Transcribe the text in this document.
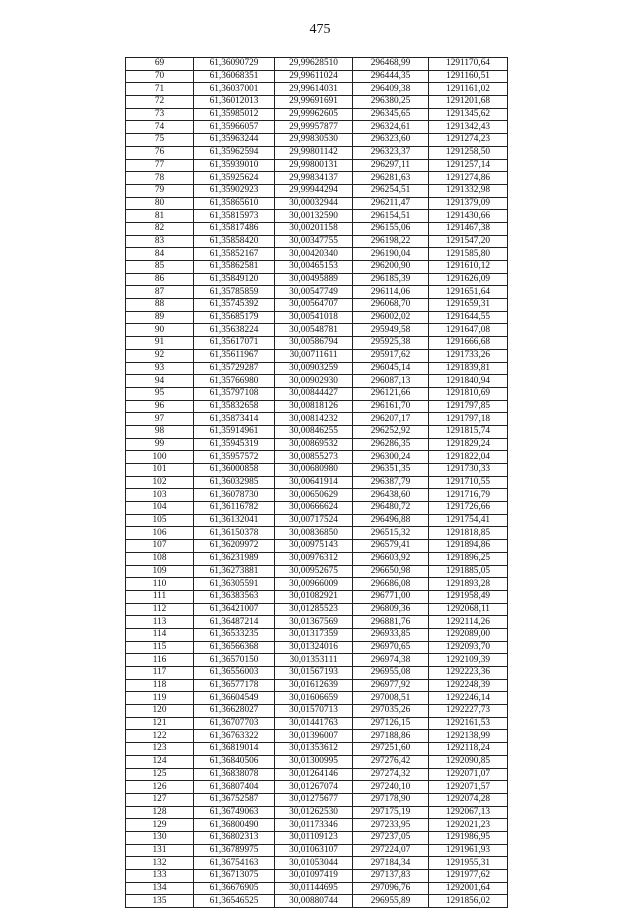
475
69	61,36090729	29,99628510	296468,99	1291170,64
70	61,36068351	29,99611024	296444,35	1291160,51
71	61,36037001	29,99614031	296409,38	1291161,02
72	61,36012013	29,99691691	296380,25	1291201,68
73	61,35985012	29,99962605	296345,65	1291345,62
74	61,35966057	29,99957877	296324,61	1291342,43
75	61,35963244	29,99830530	296323,60	1291274,23
76	61,35962594	29,99801142	296323,37	1291258,50
77	61,35939010	29,99800131	296297,11	1291257,14
78	61,35925624	29,99834137	296281,63	1291274,86
79	61,35902923	29,99944294	296254,51	1291332,98
80	61,35865610	30,00032944	296211,47	1291379,09
81	61,35815973	30,00132590	296154,51	1291430,66
82	61,35817486	30,00201158	296155,06	1291467,38
83	61,35858420	30,00347755	296198,22	1291547,20
84	61,35852167	30,00420340	296190,04	1291585,80
85	61,35862581	30,00465153	296200,90	1291610,12
86	61,35849120	30,00495889	296185,39	1291626,09
87	61,35785859	30,00547749	296114,06	1291651,64
88	61,35745392	30,00564707	296068,70	1291659,31
89	61,35685179	30,00541018	296002,02	1291644,55
90	61,35638224	30,00548781	295949,58	1291647,08
91	61,35617071	30,00586794	295925,38	1291666,68
92	61,35611967	30,00711611	295917,62	1291733,26
93	61,35729287	30,00903259	296045,14	1291839,81
94	61,35766980	30,00902930	296087,13	1291840,94
95	61,35797108	30,00844427	296121,66	1291810,69
96	61,35832658	30,00818126	296161,70	1291797,85
97	61,35873414	30,00814232	296207,17	1291797,18
98	61,35914961	30,00846255	296252,92	1291815,74
99	61,35945319	30,00869532	296286,35	1291829,24
100	61,35957572	30,00855273	296300,24	1291822,04
101	61,36000858	30,00680980	296351,35	1291730,33
102	61,36032985	30,00641914	296387,79	1291710,55
103	61,36078730	30,00650629	296438,60	1291716,79
104	61,36116782	30,00666624	296480,72	1291726,66
105	61,36132041	30,00717524	296496,88	1291754,41
106	61,36150378	30,00836850	296515,32	1291818,85
107	61,36209972	30,00975143	296579,41	1291894,86
108	61,36231989	30,00976312	296603,92	1291896,25
109	61,36273881	30,00952675	296650,98	1291885,05
110	61,36305591	30,00966009	296686,08	1291893,28
111	61,36383563	30,01082921	296771,00	1291958,49
112	61,36421007	30,01285523	296809,36	1292068,11
113	61,36487214	30,01367569	296881,76	1292114,26
114	61,36533235	30,01317359	296933,85	1292089,00
115	61,36566368	30,01324016	296970,65	1292093,70
116	61,36570150	30,01353111	296974,38	1292109,39
117	61,36556003	30,01567193	296955,08	1292223,36
118	61,36577178	30,01612639	296977,92	1292248,39
119	61,36604549	30,01606659	297008,51	1292246,14
120	61,36628027	30,01570713	297035,26	1292227,73
121	61,36707703	30,01441763	297126,15	1292161,53
122	61,36763322	30,01396007	297188,86	1292138,99
123	61,36819014	30,01353612	297251,60	1292118,24
124	61,36840506	30,01300995	297276,42	1292090,85
125	61,36838078	30,01264146	297274,32	1292071,07
126	61,36807404	30,01267074	297240,10	1292071,57
127	61,36752587	30,01275677	297178,90	1292074,28
128	61,36749063	30,01262530	297175,19	1292067,13
129	61,36800490	30,01173346	297233,95	1292021,23
130	61,36802313	30,01109123	297237,05	1291986,95
131	61,36789975	30,01063107	297224,07	1291961,93
132	61,36754163	30,01053044	297184,34	1291955,31
133	61,36713075	30,01097419	297137,83	1291977,62
134	61,36676905	30,01144695	297096,76	1292001,64
135	61,36546525	30,00880744	296955,89	1291856,02
